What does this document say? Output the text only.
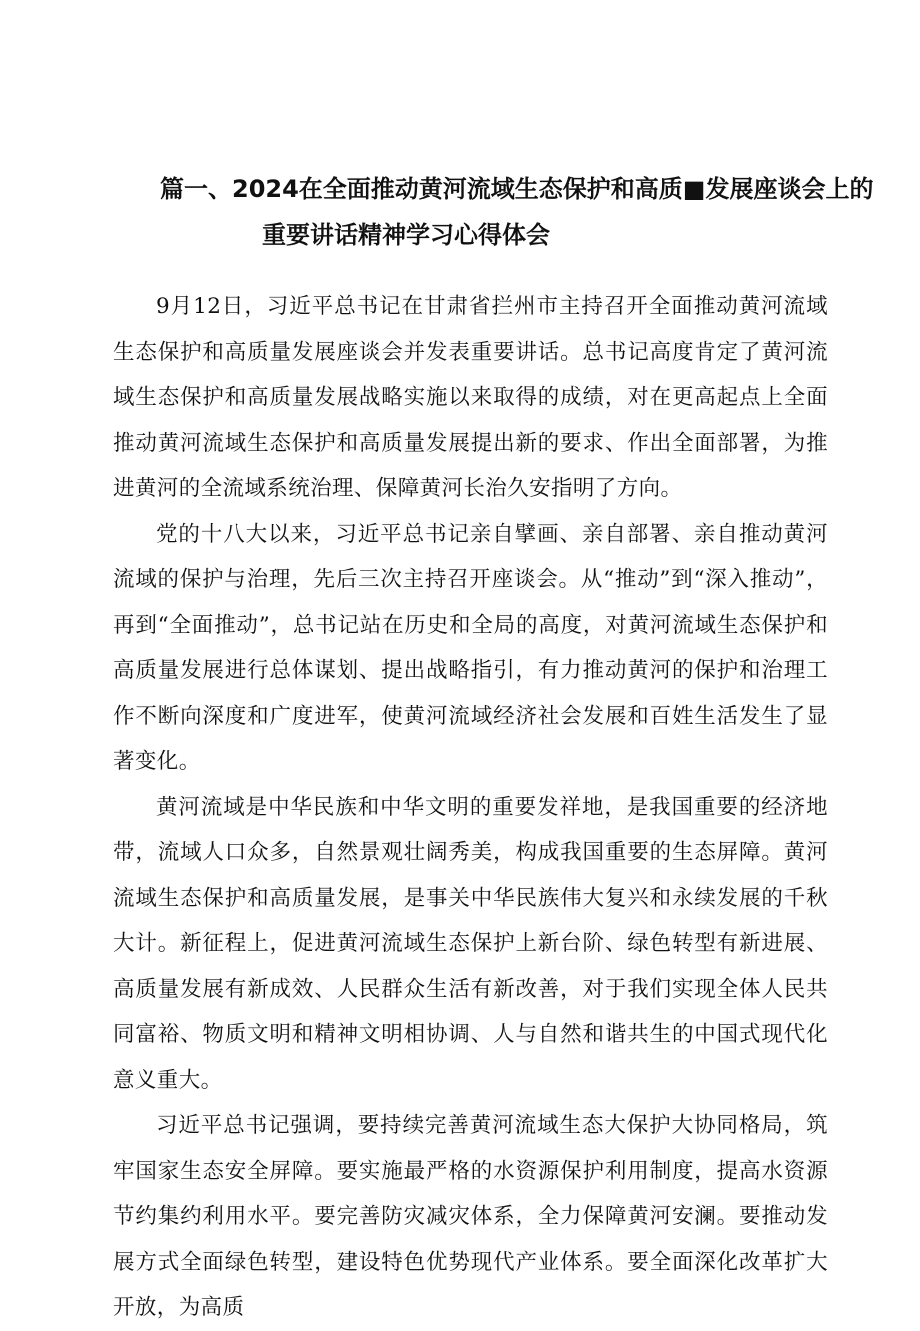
篇一、2024在全面推动黄河流域生态保护和高质■发展座谈会上的
重要讲话精神学习心得体会

9月12日，习近平总书记在甘肃省拦州市主持召开全面推动黄河流域生态保护和高质量发展座谈会并发表重要讲话。总书记高度肯定了黄河流域生态保护和高质量发展战略实施以来取得的成绩，对在更高起点上全面推动黄河流域生态保护和高质量发展提出新的要求、作出全面部署，为推进黄河的全流域系统治理、保障黄河长治久安指明了方向。

党的十八大以来，习近平总书记亲自擘画、亲自部署、亲自推动黄河流域的保护与治理，先后三次主持召开座谈会。从“推动”到“深入推动”，再到“全面推动”，总书记站在历史和全局的高度，对黄河流域生态保护和高质量发展进行总体谋划、提出战略指引，有力推动黄河的保护和治理工作不断向深度和广度进军，使黄河流域经济社会发展和百姓生活发生了显著变化。

黄河流域是中华民族和中华文明的重要发祥地，是我国重要的经济地带，流域人口众多，自然景观壮阔秀美，构成我国重要的生态屏障。黄河流域生态保护和高质量发展，是事关中华民族伟大复兴和永续发展的千秋大计。新征程上，促进黄河流域生态保护上新台阶、绿色转型有新进展、高质量发展有新成效、人民群众生活有新改善，对于我们实现全体人民共同富裕、物质文明和精神文明相协调、人与自然和谐共生的中国式现代化意义重大。

习近平总书记强调，要持续完善黄河流域生态大保护大协同格局，筑牢国家生态安全屏障。要实施最严格的水资源保护利用制度，提高水资源节约集约利用水平。要完善防灾减灾体系，全力保障黄河安澜。要推动发展方式全面绿色转型，建设特色优势现代产业体系。要全面深化改革扩大开放，为高质
